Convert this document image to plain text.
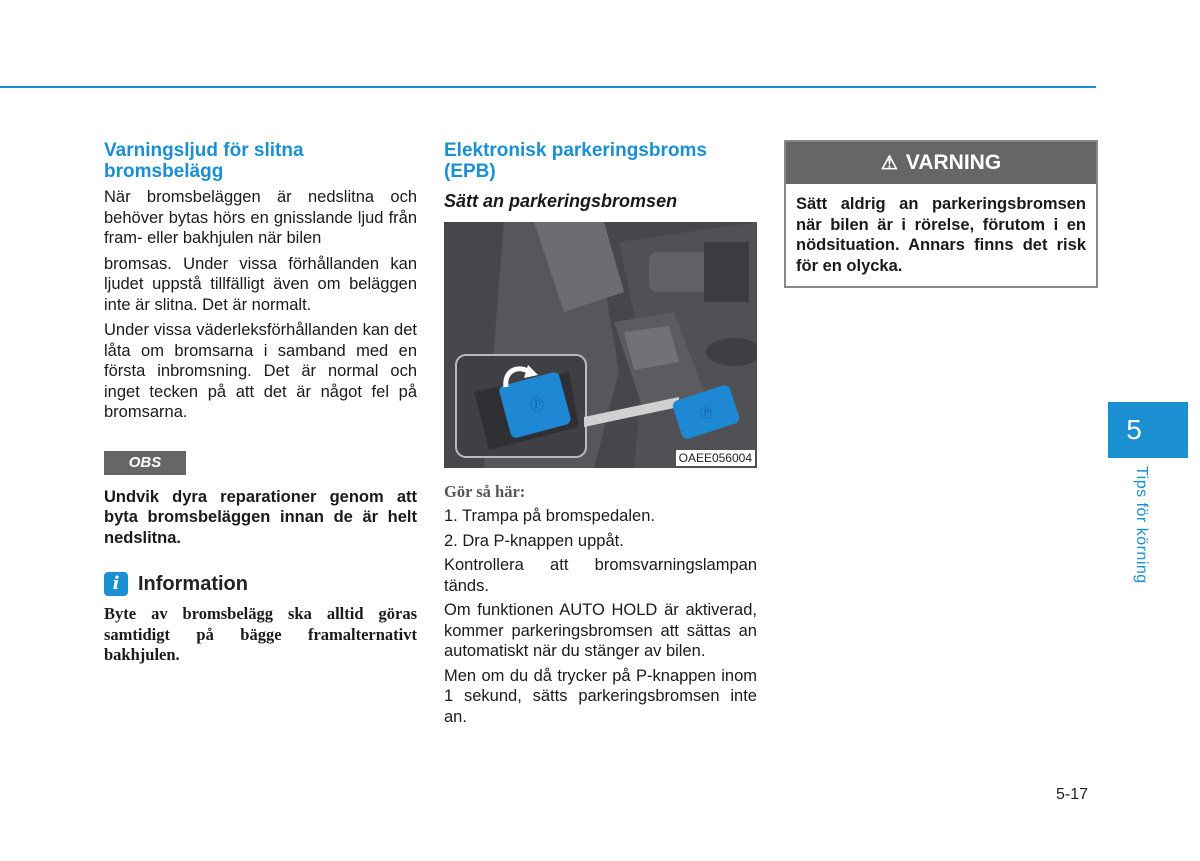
Varningsljud för slitna bromsbelägg

När bromsbeläggen är nedslitna och behöver bytas hörs en gnisslande ljud från fram- eller bakhjulen när bilen

bromsas. Under vissa förhållanden kan ljudet uppstå tillfälligt även om beläggen inte är slitna. Det är normalt.

Under vissa väderleksförhållanden kan det låta om bromsarna i samband med en första inbromsning. Det är normal och inget tecken på att det är något fel på bromsarna.

OBS
Undvik dyra reparationer genom att byta bromsbeläggen innan de är helt nedslitna.
i Information
Byte av bromsbelägg ska alltid göras samtidigt på bägge framalternativt bakhjulen.
Elektronisk parkeringsbroms (EPB)
Sätt an parkeringsbromsen
Ⓟ	Ⓟ
OAEE056004
Gör så här:

1. Trampa på bromspedalen.

2. Dra P-knappen uppåt.

Kontrollera att bromsvarningslampan tänds.

Om funktionen AUTO HOLD är aktiverad, kommer parkeringsbromsen att sättas an automatiskt när du stänger av bilen.

Men om du då trycker på P-knappen inom 1 sekund, sätts parkeringsbromsen inte an.

⚠ VARNING
Sätt aldrig an parkeringsbromsen när bilen är i rörelse, förutom i en nödsituation. Annars finns det risk för en olycka.
5
Tips för körning
5-17
